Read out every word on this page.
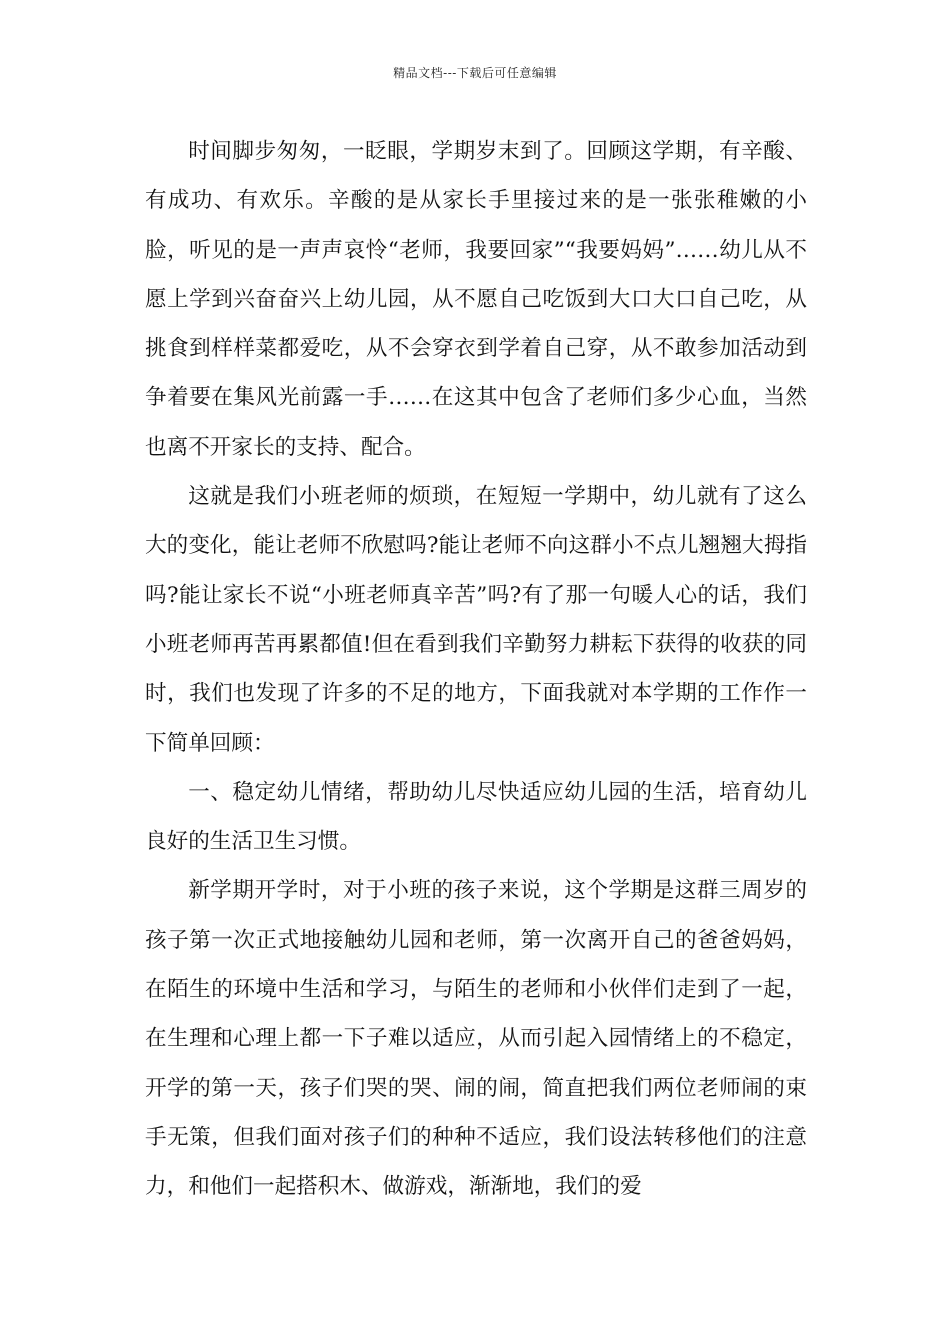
精品文档---下载后可任意编辑

时间脚步匆匆，一眨眼，学期岁末到了。回顾这学期，有辛酸、有成功、有欢乐。辛酸的是从家长手里接过来的是一张张稚嫩的小脸，听见的是一声声哀怜“老师，我要回家”“我要妈妈”……幼儿从不愿上学到兴奋奋兴上幼儿园，从不愿自己吃饭到大口大口自己吃，从挑食到样样菜都爱吃，从不会穿衣到学着自己穿，从不敢参加活动到争着要在集风光前露一手……在这其中包含了老师们多少心血，当然也离不开家长的支持、配合。

这就是我们小班老师的烦琐，在短短一学期中，幼儿就有了这么大的变化，能让老师不欣慰吗?能让老师不向这群小不点儿翘翘大拇指吗?能让家长不说“小班老师真辛苦”吗?有了那一句暖人心的话，我们小班老师再苦再累都值!但在看到我们辛勤努力耕耘下获得的收获的同时，我们也发现了许多的不足的地方，下面我就对本学期的工作作一下简单回顾：

一、稳定幼儿情绪，帮助幼儿尽快适应幼儿园的生活，培育幼儿良好的生活卫生习惯。

新学期开学时，对于小班的孩子来说，这个学期是这群三周岁的孩子第一次正式地接触幼儿园和老师，第一次离开自己的爸爸妈妈，在陌生的环境中生活和学习，与陌生的老师和小伙伴们走到了一起，在生理和心理上都一下子难以适应，从而引起入园情绪上的不稳定，开学的第一天，孩子们哭的哭、闹的闹，简直把我们两位老师闹的束手无策，但我们面对孩子们的种种不适应，我们设法转移他们的注意力，和他们一起搭积木、做游戏，渐渐地，我们的爱
